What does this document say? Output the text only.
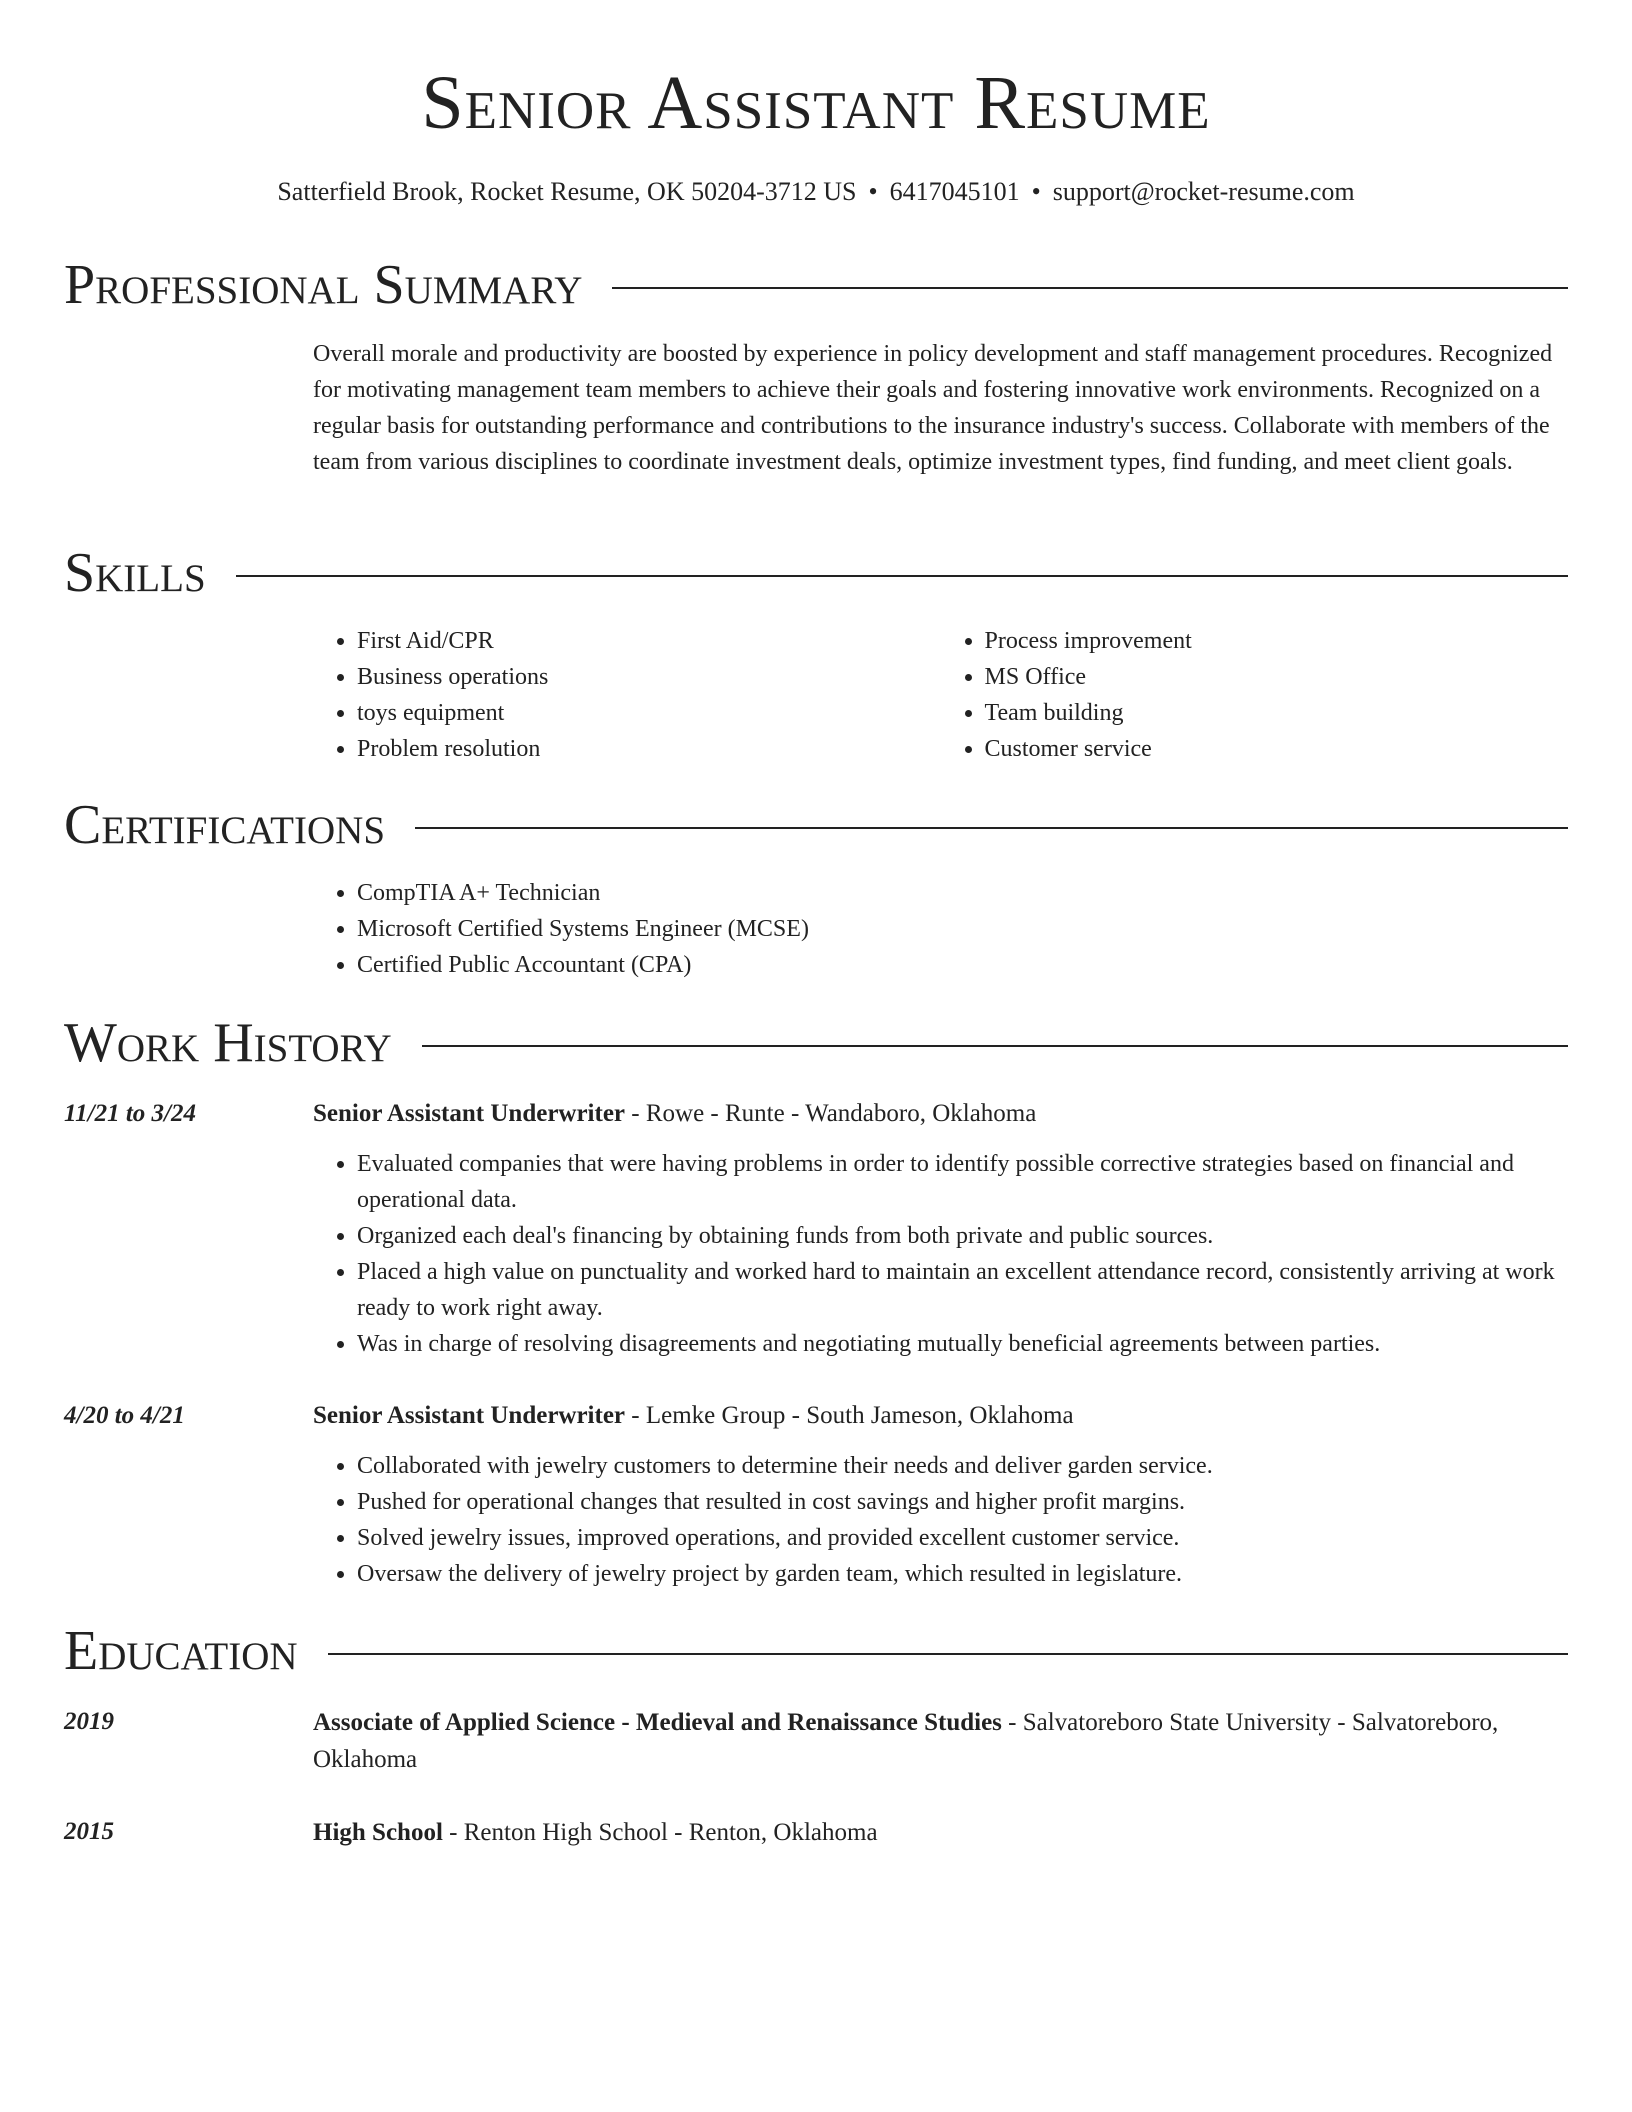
Senior Assistant Resume
Satterfield Brook, Rocket Resume, OK 50204-3712 US • 6417045101 • support@rocket-resume.com
Professional Summary

Overall morale and productivity are boosted by experience in policy development and staff management procedures. Recognized for motivating management team members to achieve their goals and fostering innovative work environments. Recognized on a regular basis for outstanding performance and contributions to the insurance industry's success. Collaborate with members of the team from various disciplines to coordinate investment deals, optimize investment types, find funding, and meet client goals.

Skills
• First Aid/CPR
• Business operations
• toys equipment
• Problem resolution
• Process improvement
• MS Office
• Team building
• Customer service
Certifications
• CompTIA A+ Technician
• Microsoft Certified Systems Engineer (MCSE)
• Certified Public Accountant (CPA)
Work History
11/21 to 3/24	Senior Assistant Underwriter - Rowe - Runte - Wandaboro, Oklahoma
• Evaluated companies that were having problems in order to identify possible corrective strategies based on financial and operational data.
• Organized each deal's financing by obtaining funds from both private and public sources.
• Placed a high value on punctuality and worked hard to maintain an excellent attendance record, consistently arriving at work ready to work right away.
• Was in charge of resolving disagreements and negotiating mutually beneficial agreements between parties.
4/20 to 4/21	Senior Assistant Underwriter - Lemke Group - South Jameson, Oklahoma
• Collaborated with jewelry customers to determine their needs and deliver garden service.
• Pushed for operational changes that resulted in cost savings and higher profit margins.
• Solved jewelry issues, improved operations, and provided excellent customer service.
• Oversaw the delivery of jewelry project by garden team, which resulted in legislature.
Education
2019	Associate of Applied Science - Medieval and Renaissance Studies - Salvatoreboro State University - Salvatoreboro, Oklahoma
2015	High School - Renton High School - Renton, Oklahoma
